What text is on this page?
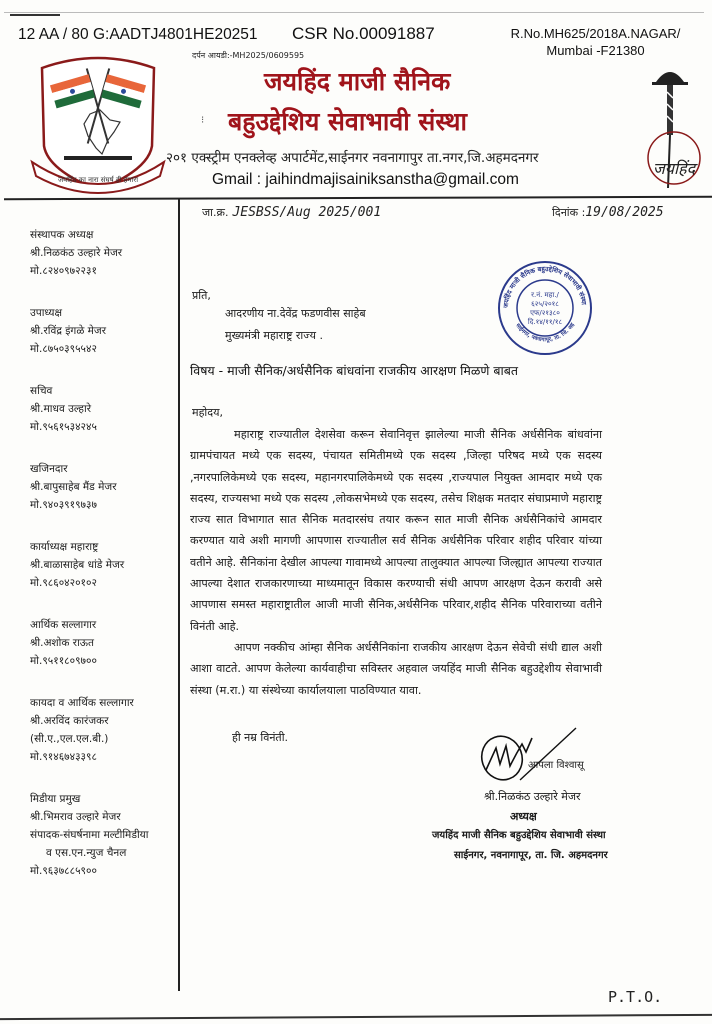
12 AA / 80 G:AADTJ4801HE20251 CSR No.00091887	R.No.MH625/2018A.NAGAR/
Mumbai -F21380
दर्पन आयडी:-MH2025/0609595
जयहिंद का नारा संघर्ष ही हमारा
जयहिंद माजी सैनिक
⁝ बहुउद्देशिय सेवाभावी संस्था
२०१ एक्स्ट्रीम एनक्लेव्ह अपार्टमेंट,साईनगर नवनागापुर ता.नगर,जि.अहमदनगर
Gmail : jaihindmajisainiksanstha@gmail.com
जयहिंद
संस्थापक अध्यक्ष
श्री.निळकंठ उल्हारे मेजर
मो.८२४०९७२२३१
उपाध्यक्ष
श्री.रविंद्र इंगळे मेजर
मो.८७५०३९५५४२
सचिव
श्री.माधव उल्हारे
मो.९५६१५३४२४५
खजिनदार
श्री.बापुसाहेब मैंड मेजर
मो.९४०३९१९७३७
कार्याध्यक्ष महाराष्ट्र
श्री.बाळासाहेब धांडे मेजर
मो.९८६०४२०१०२
आर्थिक सल्लागार
श्री.अशोक राऊत
मो.९५११८०९७००
कायदा व आर्थिक सल्लागार
श्री.अरविंद कारंजकर
(सी.ए.,एल.एल.बी.)
मो.९१४६७४३३९८
मिडीया प्रमुख
श्री.भिमराव उल्हारे मेजर
संपादक-संघर्षनामा मल्टीमिडीया
व एस.एन.न्युज चैनल
मो.९६३७८८५९००
जा.क्र. JESBSS/Aug 2025/001	दिनांक :19/08/2025
र.नं. महा./
६२५/२०१८
एफ/२१३८०
दि.१४/११/१८
जयहिंद माजी सैनिक बहुउद्देशिय सेवाभावी संस्था
साईनगर, नवनागापूर, ता. जि. अह
प्रति,
आदरणीय ना.देवेंद्र फडणवीस साहेब
मुख्यमंत्री महाराष्ट्र राज्य .
विषय - माजी सैनिक/अर्धसैनिक बांधवांना राजकीय आरक्षण मिळणे बाबत
महोदय,

महाराष्ट्र राज्यातील देशसेवा करून सेवानिवृत्त झालेल्या माजी सैनिक अर्धसैनिक बांधवांना ग्रामपंचायत मध्ये एक सदस्य, पंचायत समितीमध्ये एक सदस्य ,जिल्हा परिषद मध्ये एक सदस्य ,नगरपालिकेमध्ये एक सदस्य, महानगरपालिकेमध्ये एक सदस्य ,राज्यपाल नियुक्त आमदार मध्ये एक सदस्य, राज्यसभा मध्ये एक सदस्य ,लोकसभेमध्ये एक सदस्य, तसेच शिक्षक मतदार संघाप्रमाणे महाराष्ट्र राज्य सात विभागात सात सैनिक मतदारसंघ तयार करून सात माजी सैनिक अर्धसैनिकांचे आमदार करण्यात यावे अशी मागणी आपणास राज्यातील सर्व सैनिक अर्धसैनिक परिवार शहीद परिवार यांच्या वतीने आहे. सैनिकांना देखील आपल्या गावामध्ये आपल्या तालुक्यात आपल्या जिल्ह्यात आपल्या राज्यात आपल्या देशात राजकारणाच्या माध्यमातून विकास करण्याची संधी आपण आरक्षण देऊन करावी असे आपणास समस्त महाराष्ट्रातील आजी माजी सैनिक,अर्धसैनिक परिवार,शहीद सैनिक परिवाराच्या वतीने विनंती आहे.

आपण नक्कीच आंम्हा सैनिक अर्धसैनिकांना राजकीय आरक्षण देऊन सेवेची संधी द्याल अशी आशा वाटते. आपण केलेल्या कार्यवाहीचा सविस्तर अहवाल जयहिंद माजी सैनिक बहुउद्देशीय सेवाभावी संस्था (म.रा.) या संस्थेच्या कार्यालयाला पाठविण्यात यावा.

ही नम्र विनंती.
आपला विश्वासू
श्री.निळकंठ उल्हारे मेजर
अध्यक्ष
जयहिंद माजी सैनिक बहुउद्देशिय सेवाभावी संस्था
साईनगर, नवनागापूर, ता. जि. अहमदनगर
P.T.O.
